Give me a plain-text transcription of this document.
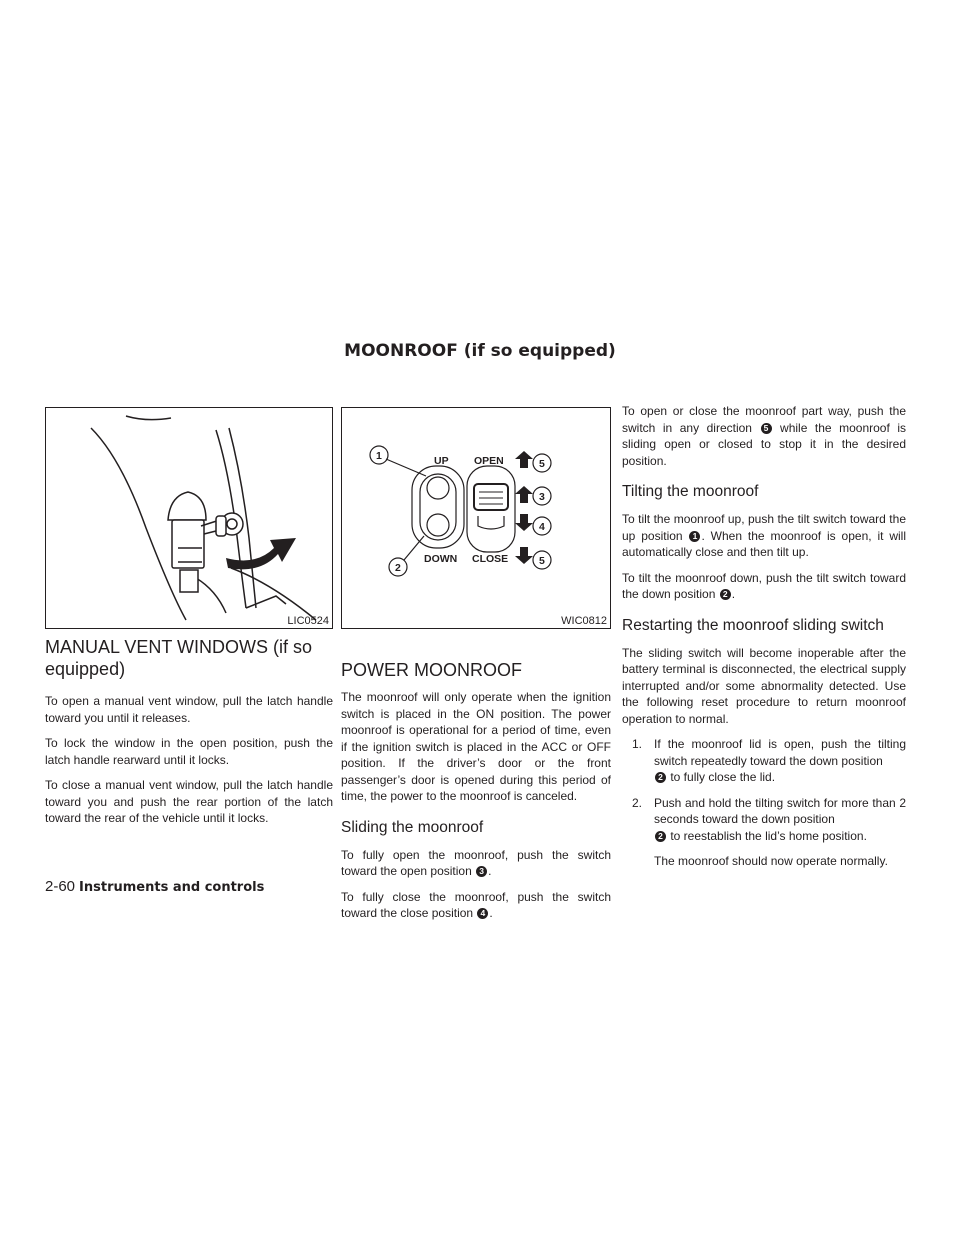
MOONROOF (if so equipped)
LIC0524
UP OPEN
DOWN CLOSE
1
2
5
3
4
5
WIC0812
MANUAL VENT WINDOWS (if so equipped)

To open a manual vent window, pull the latch handle toward you until it releases.

To lock the window in the open position, push the latch handle rearward until it locks.

To close a manual vent window, pull the latch handle toward you and push the rear portion of the latch toward the rear of the vehicle until it locks.

POWER MOONROOF

The moonroof will only operate when the ignition switch is placed in the ON position. The power moonroof is operational for a period of time, even if the ignition switch is placed in the ACC or OFF position. If the driver’s door or the front passenger’s door is opened during this period of time, the power to the moonroof is canceled.

Sliding the moonroof

To fully open the moonroof, push the switch toward the open position 3 .

To fully close the moonroof, push the switch toward the close position 4 .

To open or close the moonroof part way, push the switch in any direction 5 while the moonroof is sliding open or closed to stop it in the desired position.

Tilting the moonroof

To tilt the moonroof up, push the tilt switch toward the up position 1 . When the moonroof is open, it will automatically close and then tilt up.

To tilt the moonroof down, push the tilt switch toward the down position 2 .

Restarting the moonroof sliding switch

The sliding switch will become inoperable after the battery terminal is disconnected, the electrical supply interrupted and/or some abnormality detected. Use the following reset procedure to return moonroof operation to normal.

1. If the moonroof lid is open, push the tilting switch repeatedly toward the down position
2 to fully close the lid.
2. Push and hold the tilting switch for more than 2 seconds toward the down position
2 to reestablish the lid’s home position.

The moonroof should now operate normally.

2-60 Instruments and controls
